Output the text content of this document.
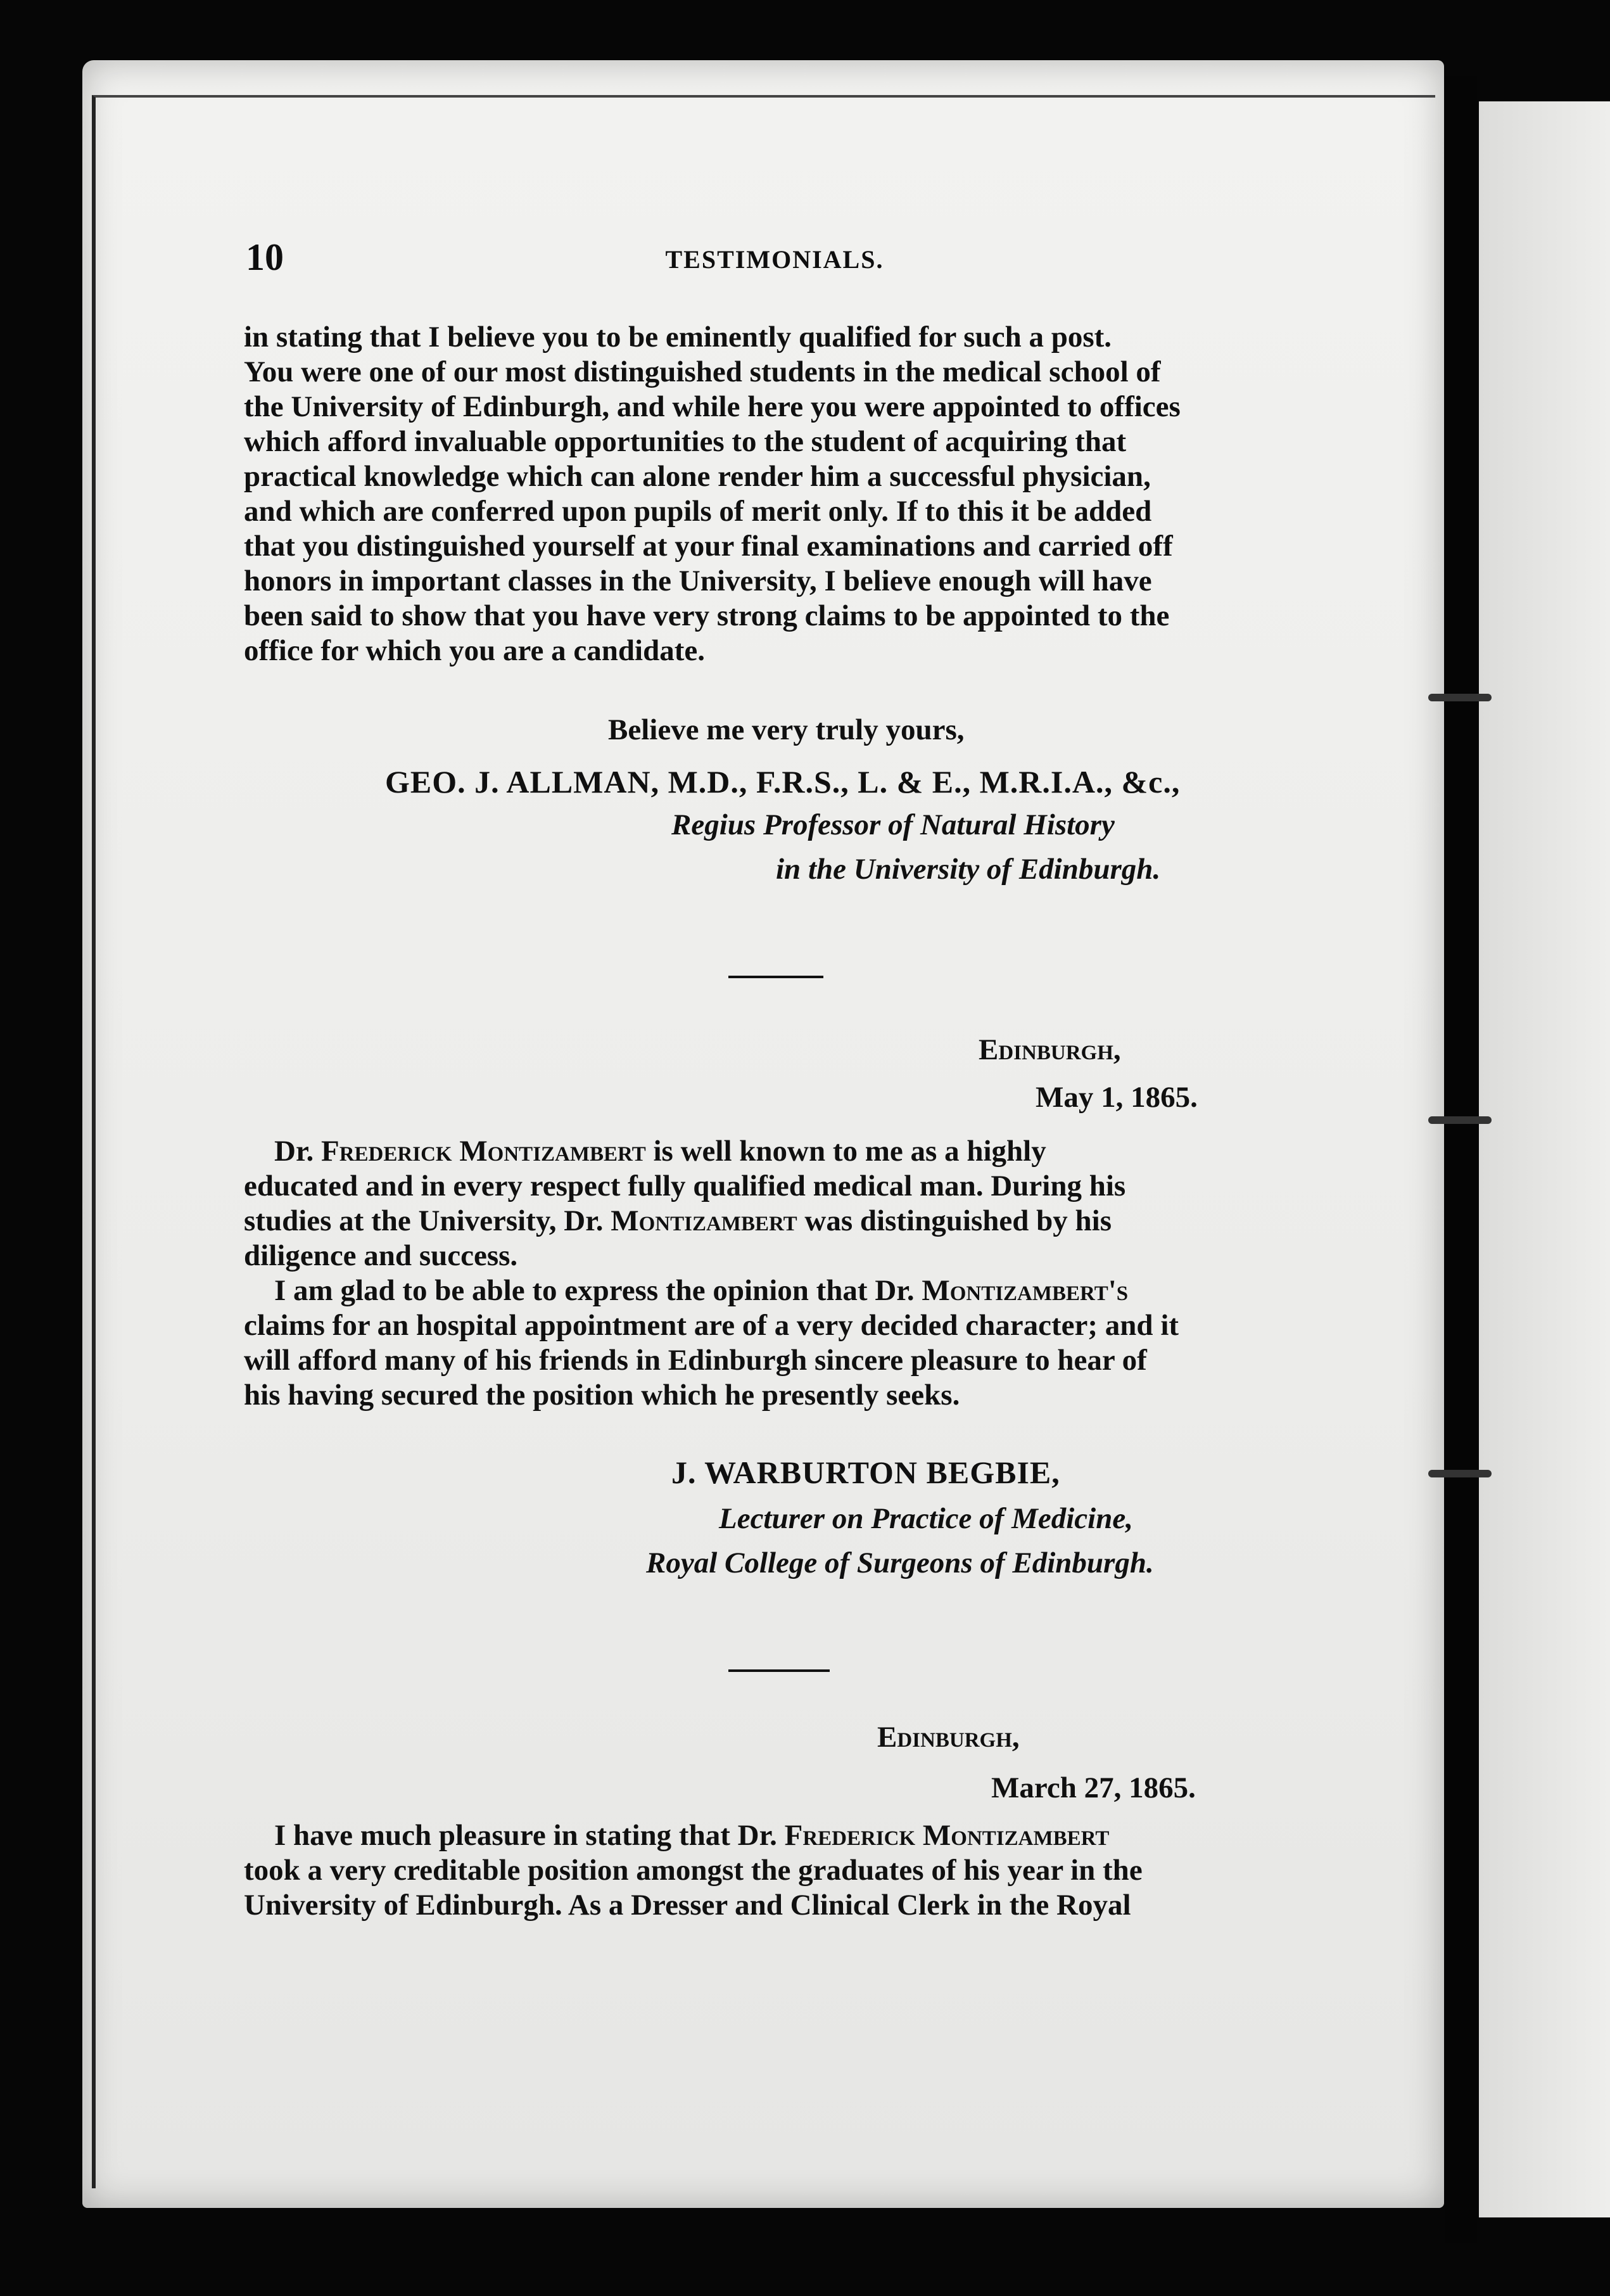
10	TESTIMONIALS.

in stating that I believe you to be eminently qualified for such a post.

You were one of our most distinguished students in the medical school of

the University of Edinburgh, and while here you were appointed to offices

which afford invaluable opportunities to the student of acquiring that

practical knowledge which can alone render him a successful physician,

and which are conferred upon pupils of merit only. If to this it be added

that you distinguished yourself at your final examinations and carried off

honors in important classes in the University, I believe enough will have

been said to show that you have very strong claims to be appointed to the

office for which you are a candidate.

Believe me very truly yours,
GEO. J. ALLMAN, M.D., F.R.S., L. & E., M.R.I.A., &c.,
Regius Professor of Natural History
in the University of Edinburgh.
Edinburgh,
May 1, 1865.

Dr. Frederick Montizambert is well known to me as a highly

educated and in every respect fully qualified medical man. During his

studies at the University, Dr. Montizambert was distinguished by his

diligence and success.

I am glad to be able to express the opinion that Dr. Montizambert's

claims for an hospital appointment are of a very decided character; and it

will afford many of his friends in Edinburgh sincere pleasure to hear of

his having secured the position which he presently seeks.

J. WARBURTON BEGBIE,
Lecturer on Practice of Medicine,
Royal College of Surgeons of Edinburgh.
Edinburgh,
March 27, 1865.

I have much pleasure in stating that Dr. Frederick Montizambert

took a very creditable position amongst the graduates of his year in the

University of Edinburgh. As a Dresser and Clinical Clerk in the Royal
